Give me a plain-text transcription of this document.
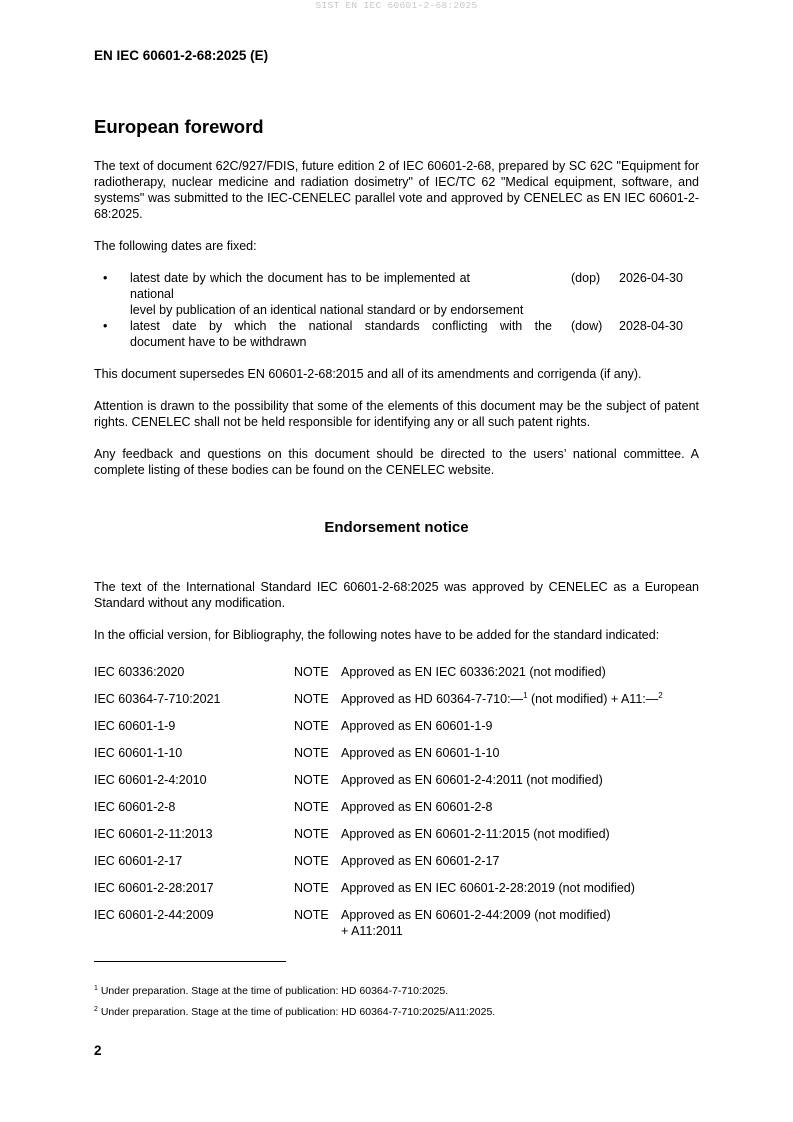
SIST EN IEC 60601-2-68:2025
EN IEC 60601-2-68:2025 (E)
European foreword

The text of document 62C/927/FDIS, future edition 2 of IEC 60601-2-68, prepared by SC 62C "Equipment for radiotherapy, nuclear medicine and radiation dosimetry" of IEC/TC 62 "Medical equipment, software, and systems" was submitted to the IEC-CENELEC parallel vote and approved by CENELEC as EN IEC 60601-2-68:2025.

The following dates are fixed:

• latest date by which the document has to be implemented at national
level by publication of an identical national standard or by endorsement
(dop)	2026-04-30
• latest date by which the national standards conflicting with the
document have to be withdrawn
(dow)	2028-04-30

This document supersedes EN 60601-2-68:2015 and all of its amendments and corrigenda (if any).

Attention is drawn to the possibility that some of the elements of this document may be the subject of patent rights. CENELEC shall not be held responsible for identifying any or all such patent rights.

Any feedback and questions on this document should be directed to the users’ national committee. A complete listing of these bodies can be found on the CENELEC website.

Endorsement notice

The text of the International Standard IEC 60601-2-68:2025 was approved by CENELEC as a European Standard without any modification.

In the official version, for Bibliography, the following notes have to be added for the standard indicated:

IEC 60336:2020	NOTE Approved as EN IEC 60336:2021 (not modified)
IEC 60364-7-710:2021	NOTE Approved as HD 60364-7-710:—$^1$ (not modified) + A11:—$^2$
IEC 60601-1-9	NOTE Approved as EN 60601-1-9
IEC 60601-1-10	NOTE Approved as EN 60601-1-10
IEC 60601-2-4:2010	NOTE Approved as EN 60601-2-4:2011 (not modified)
IEC 60601-2-8	NOTE Approved as EN 60601-2-8
IEC 60601-2-11:2013	NOTE Approved as EN 60601-2-11:2015 (not modified)
IEC 60601-2-17	NOTE Approved as EN 60601-2-17
IEC 60601-2-28:2017	NOTE Approved as EN IEC 60601-2-28:2019 (not modified)
IEC 60601-2-44:2009	NOTE Approved as EN 60601-2-44:2009 (not modified)
+ A11:2011
$^1$ Under preparation. Stage at the time of publication: HD 60364-7-710:2025.
$^2$ Under preparation. Stage at the time of publication: HD 60364-7-710:2025/A11:2025.
2
